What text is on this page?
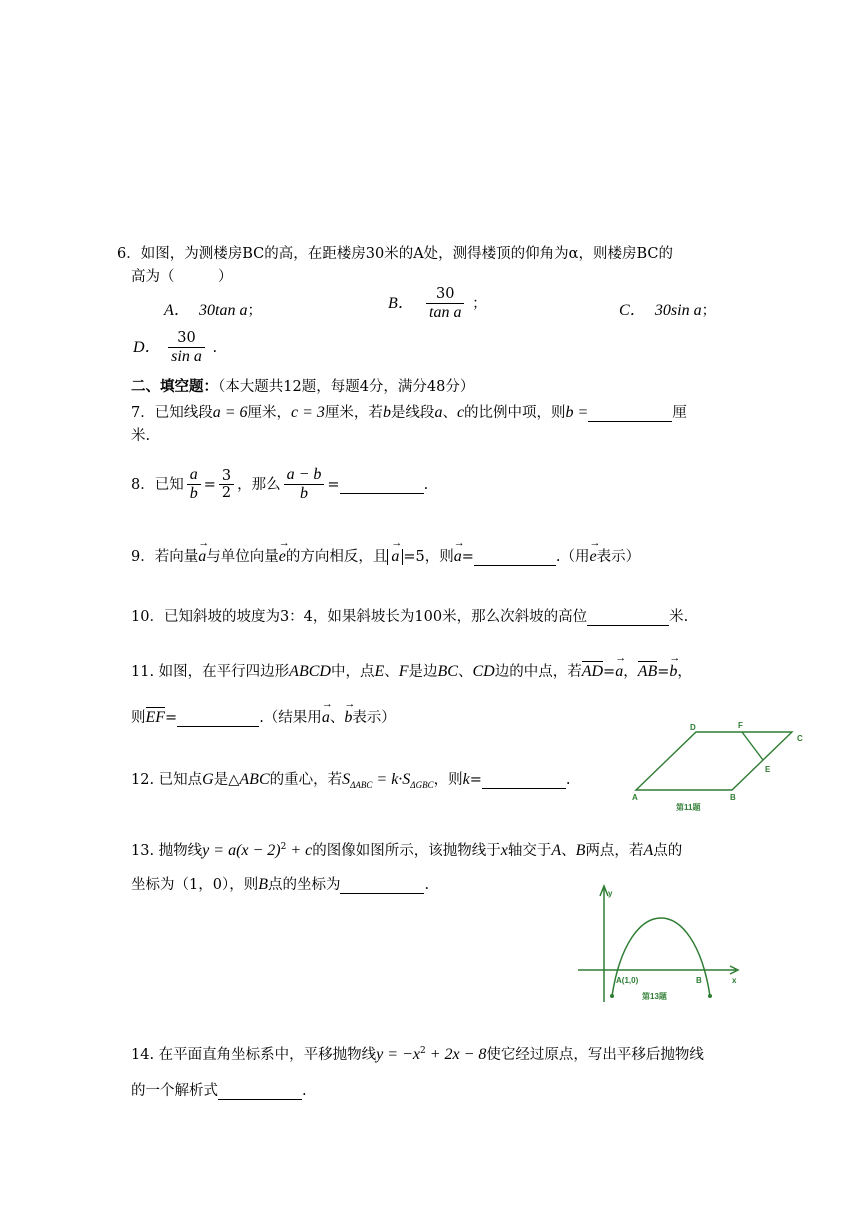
6．如图，为测楼房BC的高，在距楼房30米的A处，测得楼顶的仰角为α，则楼房BC的
高为（　　　）
A． 30tan a；	B． $\frac{30}{\text{tan a}}$ ；	C． 30sin a；
D． $\frac{30}{\text{sin a}}$ .
二、填空题：（本大题共12题，每题4分，满分48分）
7．已知线段a = 6厘米，c = 3厘米，若b是线段a、c的比例中项，则b =	厘
米.
8．已知 $\frac{a}{b} = \frac{3}{2}$ ，那么 $\frac{a - b}{b}$ =	.
9．若向量→ a与单位向量→ e的方向相反，且→ a =5，则→ a=	.（用→ e表示）
10．已知斜坡的坡度为3：4，如果斜坡长为100米，那么次斜坡的高位	米.
11. 如图，在平行四边形ABCD中，点E、F是边BC、CD边的中点，若AD=→ a，AB=→ b，
则EF=	.（结果用→ a、→ b表示）
A	B
C
D
E
F
第11题
12. 已知点G是△ABC的重心，若$S_{\Delta ABC} = k\cdot S_{\Delta GBC}$，则k=	.
13. 抛物线$y = a(x - 2)^2 + c$的图像如图所示，该抛物线于x轴交于A、B两点，若A点的
坐标为（1，0），则B点的坐标为	.
y
x
A(1,0)	B
第13题
14. 在平面直角坐标系中，平移抛物线$y = -x^2 + 2x - 8$使它经过原点，写出平移后抛物线
的一个解析式	.
